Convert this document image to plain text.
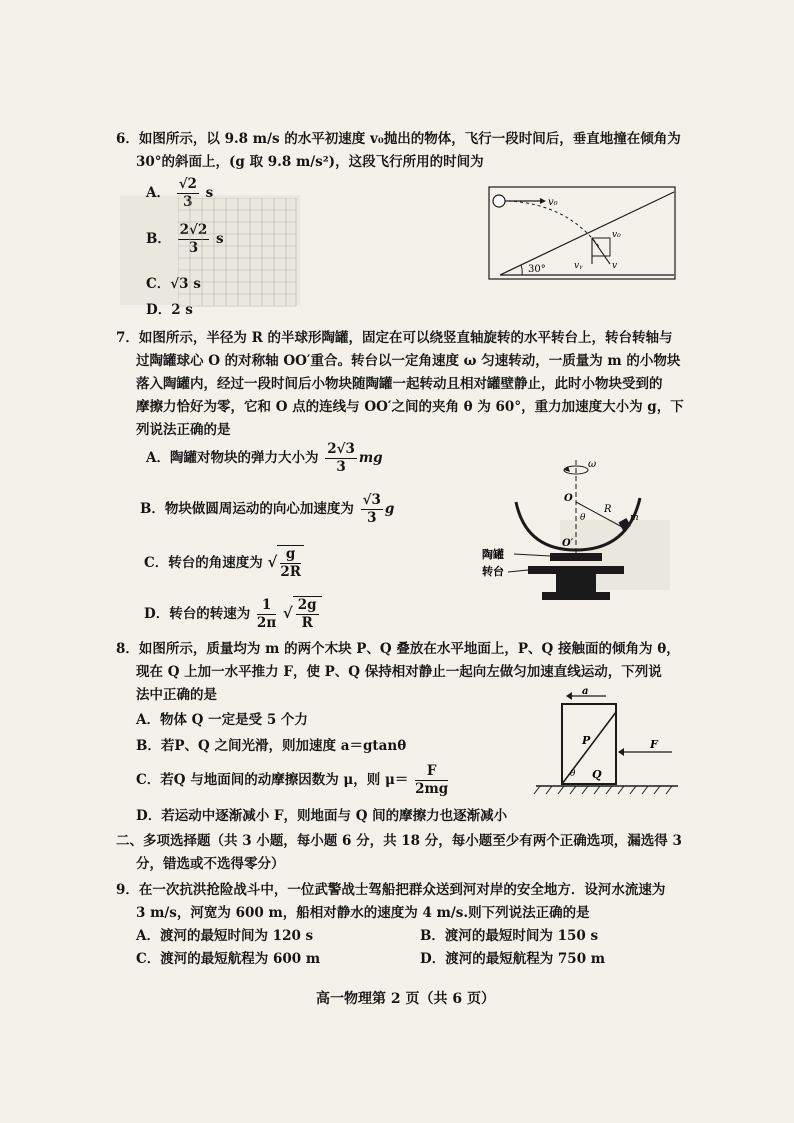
6．如图所示，以 9.8 m/s 的水平初速度 v₀抛出的物体，飞行一段时间后，垂直地撞在倾角为
30°的斜面上，(g 取 9.8 m/s²)，这段飞行所用的时间为
A． $\frac{√2}{3}$ s
B． $\frac{2√2}{3}$ s
C．√3 s
D．2 s
v₀
v₀
vᵧ	v
30°
7．如图所示，半径为 R 的半球形陶罐，固定在可以绕竖直轴旋转的水平转台上，转台转轴与
过陶罐球心 O 的对称轴 OO′重合。转台以一定角速度 ω 匀速转动，一质量为 m 的小物块
落入陶罐内，经过一段时间后小物块随陶罐一起转动且相对罐壁静止，此时小物块受到的
摩擦力恰好为零，它和 O 点的连线与 OO′之间的夹角 θ 为 60°，重力加速度大小为 g，下
列说法正确的是
A．陶罐对物块的弹力大小为 $\frac{2√3}{3}$ mg
B．物块做圆周运动的向心加速度为 $\frac{√3}{3}$ g
C．转台的角速度为 √ $\frac{g}{2R}$
D．转台的转速为 $\frac{1}{2\pi}$ √ $\frac{2g}{R}$
ω
O
O′
R
θ	m
陶罐
转台
8．如图所示，质量均为 m 的两个木块 P、Q 叠放在水平地面上，P、Q 接触面的倾角为 θ，
现在 Q 上加一水平推力 F，使 P、Q 保持相对静止一起向左做匀加速直线运动，下列说
法中正确的是
A．物体 Q 一定是受 5 个力
B．若P、Q 之间光滑，则加速度 a＝gtanθ
C．若Q 与地面间的动摩擦因数为 μ，则 $\mu= \frac{F}{2mg}$
D．若运动中逐渐减小 F，则地面与 Q 间的摩擦力也逐渐减小
a
P
Q
θ
F
二、多项选择题（共 3 小题，每小题 6 分，共 18 分，每小题至少有两个正确选项，漏选得 3
分，错选或不选得零分）
9．在一次抗洪抢险战斗中，一位武警战士驾船把群众送到河对岸的安全地方．设河水流速为
3 m/s，河宽为 600 m，船相对静水的速度为 4 m/s.则下列说法正确的是
A．渡河的最短时间为 120 s	B．渡河的最短时间为 150 s
C．渡河的最短航程为 600 m	D．渡河的最短航程为 750 m
高一物理第 2 页（共 6 页）
